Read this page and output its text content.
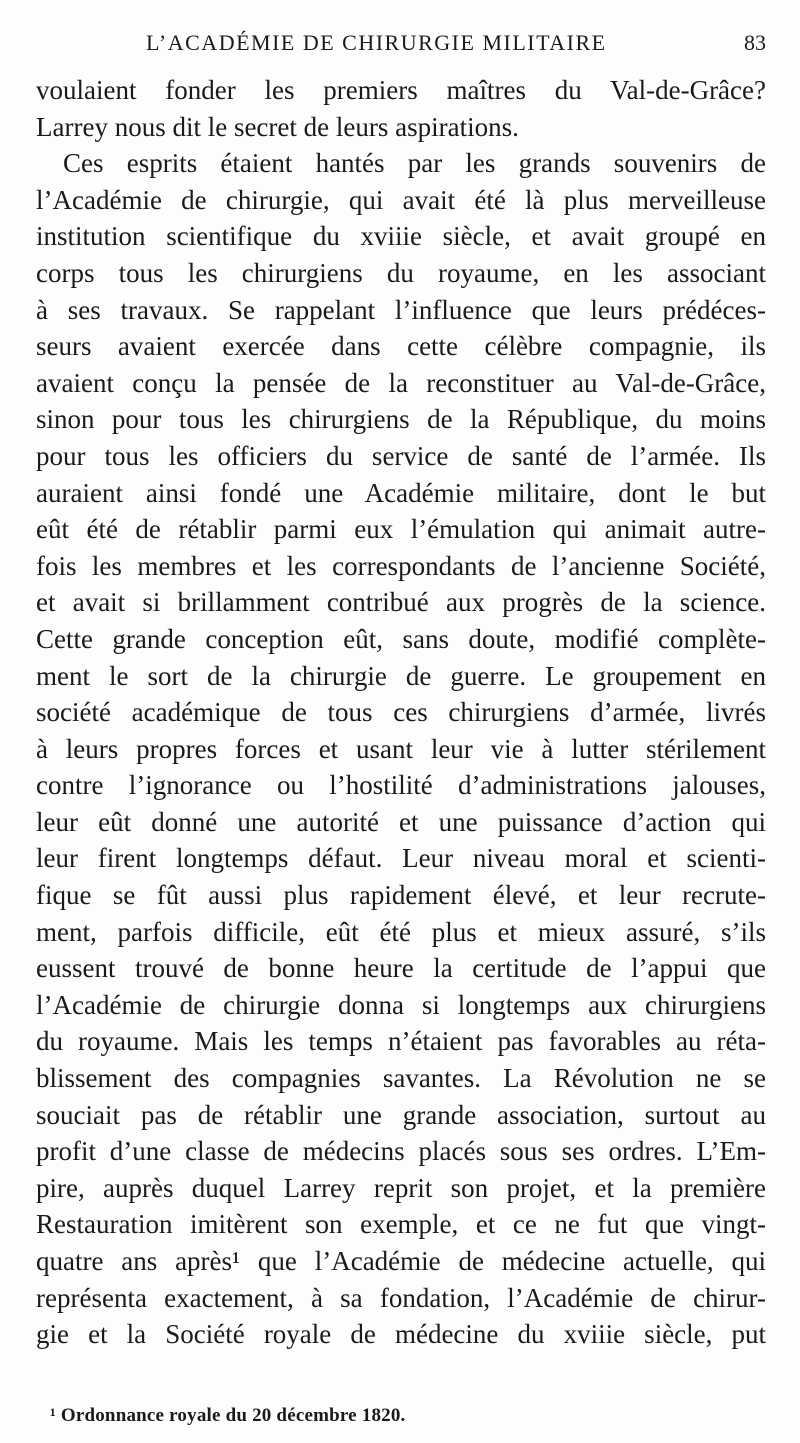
L’ACADÉMIE DE CHIRURGIE MILITAIRE	83
voulaient fonder les premiers maîtres du Val-de-Grâce?
Larrey nous dit le secret de leurs aspirations.
Ces esprits étaient hantés par les grands souvenirs de
l’Académie de chirurgie, qui avait été là plus merveilleuse
institution scientifique du xviiie siècle, et avait groupé en
corps tous les chirurgiens du royaume, en les associant
à ses travaux. Se rappelant l’influence que leurs prédéces-
seurs avaient exercée dans cette célèbre compagnie, ils
avaient conçu la pensée de la reconstituer au Val-de-Grâce,
sinon pour tous les chirurgiens de la République, du moins
pour tous les officiers du service de santé de l’armée. Ils
auraient ainsi fondé une Académie militaire, dont le but
eût été de rétablir parmi eux l’émulation qui animait autre-
fois les membres et les correspondants de l’ancienne Société,
et avait si brillamment contribué aux progrès de la science.
Cette grande conception eût, sans doute, modifié complète-
ment le sort de la chirurgie de guerre. Le groupement en
société académique de tous ces chirurgiens d’armée, livrés
à leurs propres forces et usant leur vie à lutter stérilement
contre l’ignorance ou l’hostilité d’administrations jalouses,
leur eût donné une autorité et une puissance d’action qui
leur firent longtemps défaut. Leur niveau moral et scienti-
fique se fût aussi plus rapidement élevé, et leur recrute-
ment, parfois difficile, eût été plus et mieux assuré, s’ils
eussent trouvé de bonne heure la certitude de l’appui que
l’Académie de chirurgie donna si longtemps aux chirurgiens
du royaume. Mais les temps n’étaient pas favorables au réta-
blissement des compagnies savantes. La Révolution ne se
souciait pas de rétablir une grande association, surtout au
profit d’une classe de médecins placés sous ses ordres. L’Em-
pire, auprès duquel Larrey reprit son projet, et la première
Restauration imitèrent son exemple, et ce ne fut que vingt-
quatre ans après¹ que l’Académie de médecine actuelle, qui
représenta exactement, à sa fondation, l’Académie de chirur-
gie et la Société royale de médecine du xviiie siècle, put
¹ Ordonnance royale du 20 décembre 1820.
